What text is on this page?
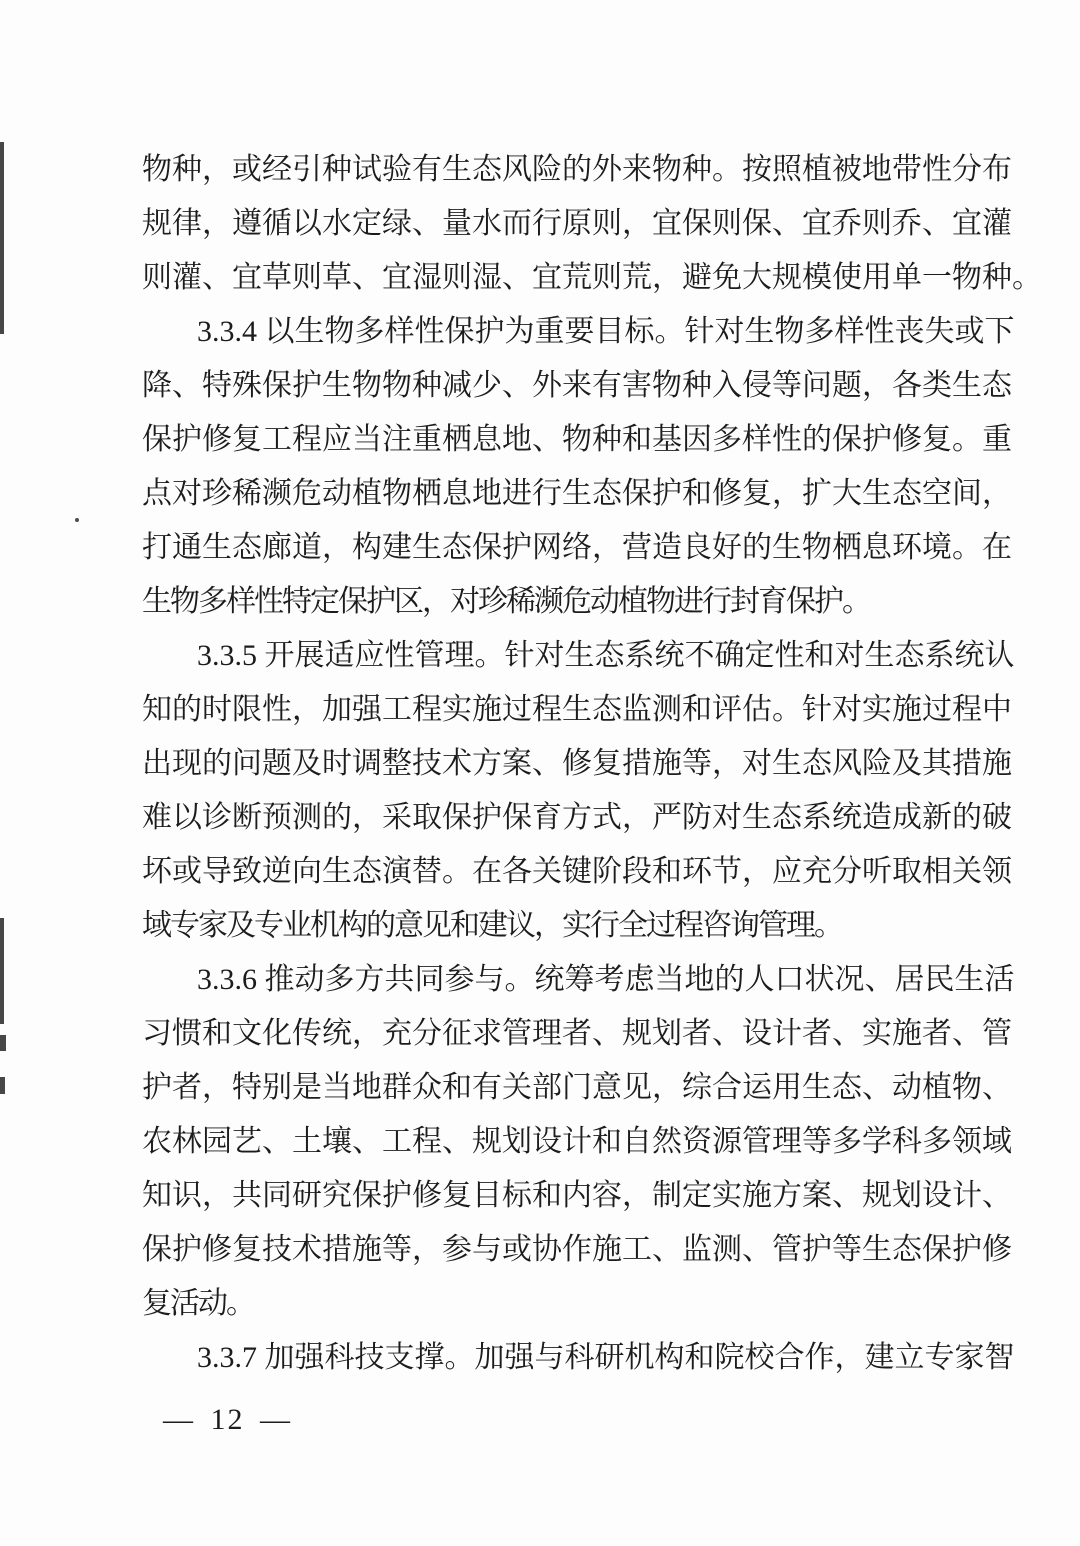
物种，或经引种试验有生态风险的外来物种。按照植被地带性分布
规律，遵循以水定绿、量水而行原则，宜保则保、宜乔则乔、宜灌
则灌、宜草则草、宜湿则湿、宜荒则荒，避免大规模使用单一物种。
3.3.4 以生物多样性保护为重要目标。针对生物多样性丧失或下
降、特殊保护生物物种减少、外来有害物种入侵等问题，各类生态
保护修复工程应当注重栖息地、物种和基因多样性的保护修复。重
点对珍稀濒危动植物栖息地进行生态保护和修复，扩大生态空间，
打通生态廊道，构建生态保护网络，营造良好的生物栖息环境。在
生物多样性特定保护区，对珍稀濒危动植物进行封育保护。
3.3.5 开展适应性管理。针对生态系统不确定性和对生态系统认
知的时限性，加强工程实施过程生态监测和评估。针对实施过程中
出现的问题及时调整技术方案、修复措施等，对生态风险及其措施
难以诊断预测的，采取保护保育方式，严防对生态系统造成新的破
坏或导致逆向生态演替。在各关键阶段和环节，应充分听取相关领
域专家及专业机构的意见和建议，实行全过程咨询管理。
3.3.6 推动多方共同参与。统筹考虑当地的人口状况、居民生活
习惯和文化传统，充分征求管理者、规划者、设计者、实施者、管
护者，特别是当地群众和有关部门意见，综合运用生态、动植物、
农林园艺、土壤、工程、规划设计和自然资源管理等多学科多领域
知识，共同研究保护修复目标和内容，制定实施方案、规划设计、
保护修复技术措施等，参与或协作施工、监测、管护等生态保护修
复活动。
3.3.7 加强科技支撑。加强与科研机构和院校合作，建立专家智
— 12 —
